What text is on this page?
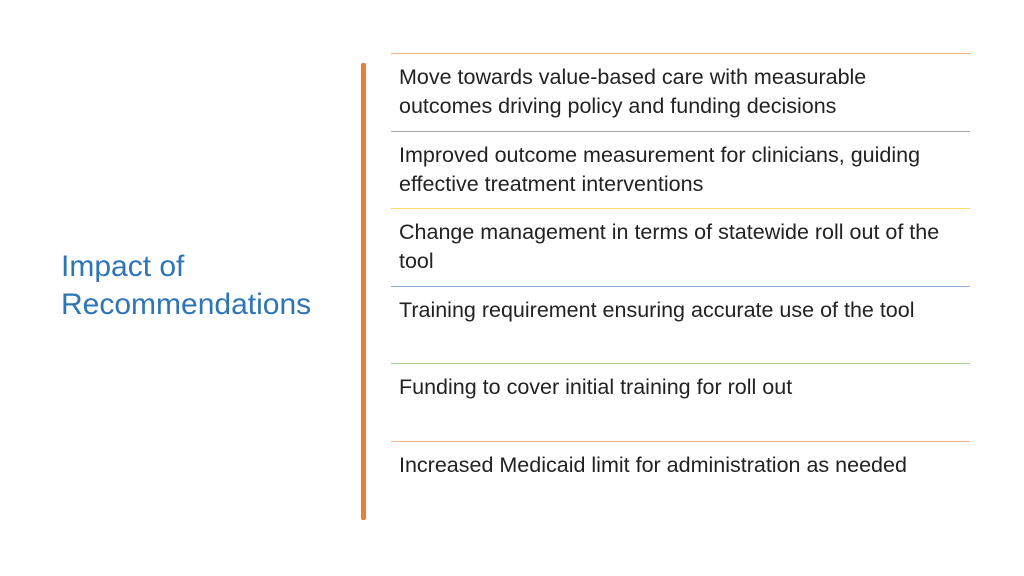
Impact of
Recommendations
Move towards value-based care with measurable outcomes driving policy and funding decisions
Improved outcome measurement for clinicians, guiding effective treatment interventions
Change management in terms of statewide roll out of the tool
Training requirement ensuring accurate use of the tool
Funding to cover initial training for roll out
Increased Medicaid limit for administration as needed
